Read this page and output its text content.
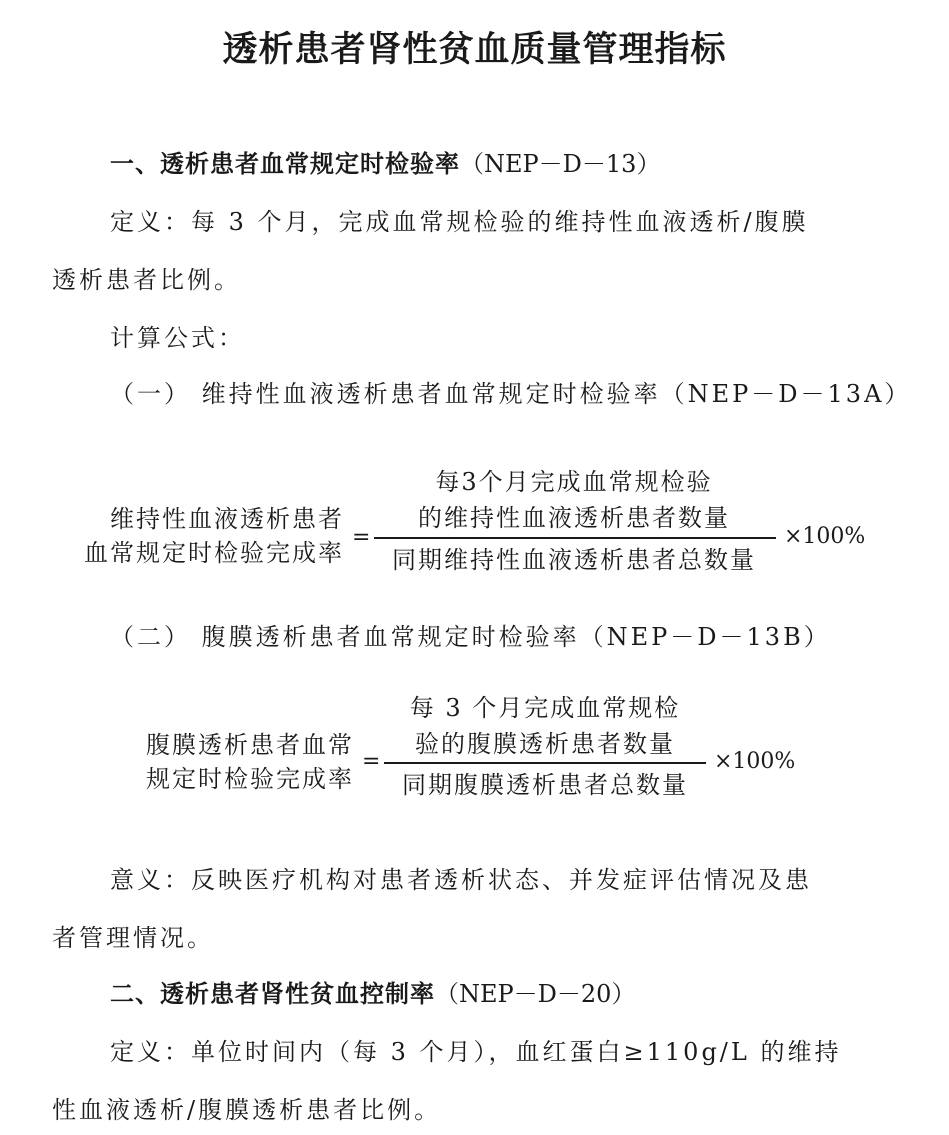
透析患者肾性贫血质量管理指标
一、透析患者血常规定时检验率（NEP－D－13）
定义：每 3 个月，完成血常规检验的维持性血液透析/腹膜
透析患者比例。
计算公式：
（一） 维持性血液透析患者血常规定时检验率（NEP－D－13A）
维持性血液透析患者
血常规定时检验完成率
=
每3个月完成血常规检验
的维持性血液透析患者数量
同期维持性血液透析患者总数量
×100%
（二） 腹膜透析患者血常规定时检验率（NEP－D－13B）
腹膜透析患者血常
规定时检验完成率
=
每 3 个月完成血常规检
验的腹膜透析患者数量
同期腹膜透析患者总数量
×100%
意义：反映医疗机构对患者透析状态、并发症评估情况及患
者管理情况。
二、透析患者肾性贫血控制率（NEP－D－20）
定义：单位时间内（每 3 个月），血红蛋白≥110g/L 的维持
性血液透析/腹膜透析患者比例。
